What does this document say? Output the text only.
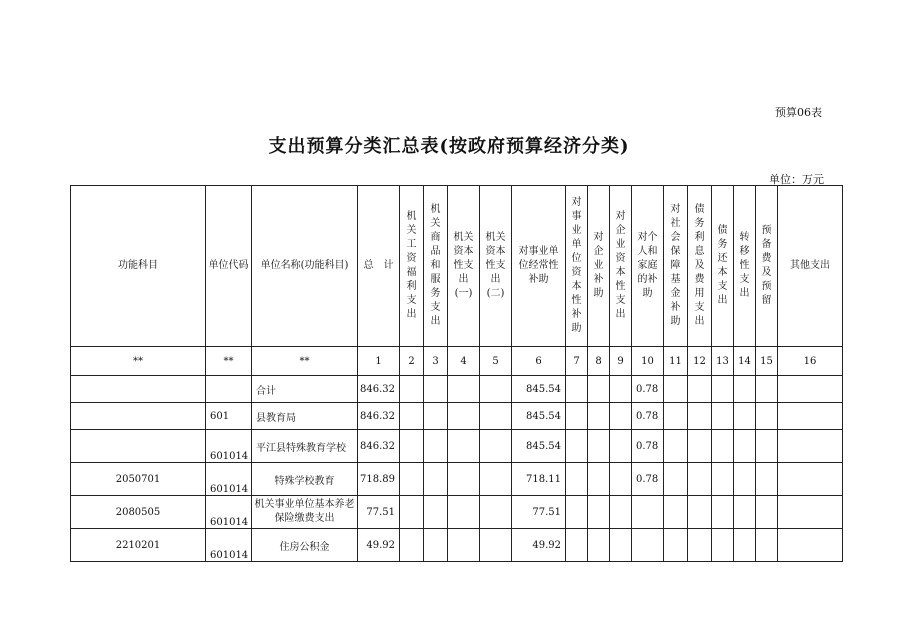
预算06表
支出预算分类汇总表(按政府预算经济分类)
单位：万元
功能科目	单位代码	单位名称(功能科目)	总　计	机关工资福利支出	机关商品和服务支出	机关资本性支出(一)	机关资本性支出(二)	对事业单位经常性补助	对事业单位资本性补助	对企业补助	对企业资本性支出	对个人和家庭的补助	对社会保障基金补助	债务利息及费用支出	债务还本支出	转移性支出	预备费及预留	其他支出
**	**	**	1	2	3	4	5	6	7	8	9	10	11	12	13	14	15	16
		合计	846.32					845.54				0.78						
	601	县教育局	846.32					845.54				0.78						
	601014	平江县特殊教育学校	846.32					845.54				0.78						
2050701	601014	特殊学校教育	718.89					718.11				0.78						
2080505	601014	机关事业单位基本养老保险缴费支出	77.51					77.51										
2210201	601014	住房公积金	49.92					49.92										
